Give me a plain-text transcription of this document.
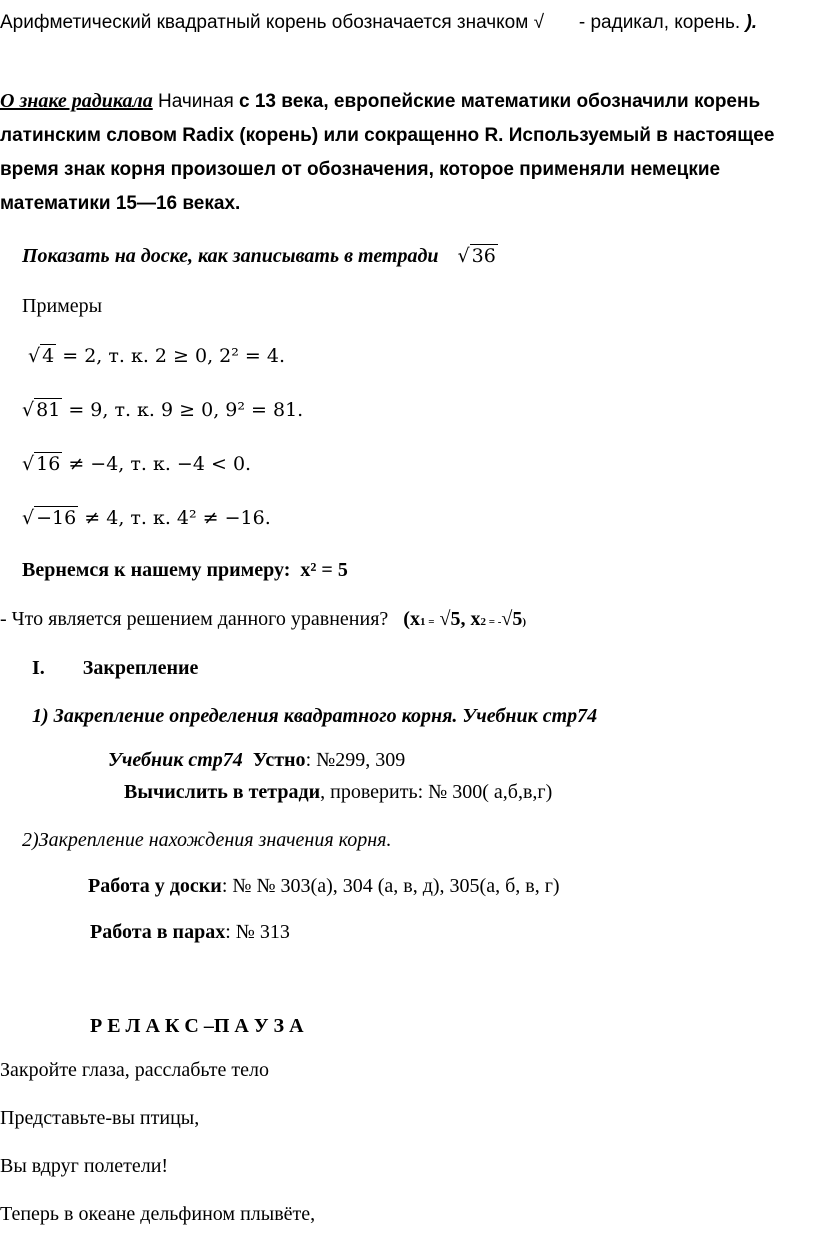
Арифметический квадратный корень обозначается значком √ - радикал, корень. ).
О знаке радикала Начиная с 13 века, европейские математики обозначили корень латинским словом Radix (корень) или сокращенно R. Используемый в настоящее время знак корня произошел от обозначения, которое применяли немецкие математики 15—16 веках.
Показать на доске, как записывать в тетради √ 36
Примеры
√ 4 = 2, т. к. 2 ≥ 0, 2² = 4.
√ 81 = 9, т. к. 9 ≥ 0, 9² = 81.
√ 16 ≠ −4, т. к. −4 < 0.
√ −16 ≠ 4, т. к. 4² ≠ −16.
Вернемся к нашему примеру: x² = 5
- Что является решением данного уравнения? (x1 = √5, x2 = -√5)
I. Закрепление
1) Закрепление определения квадратного корня. Учебник стр74
Учебник стр74 Устно: №299, 309
Вычислить в тетради, проверить: № 300( а,б,в,г)
2)Закрепление нахождения значения корня.
Работа у доски: № № 303(а), 304 (а, в, д), 305(а, б, в, г)
Работа в парах: № 313
Р Е Л А К С –П А У З А
Закройте глаза, расслабьте тело
Представьте-вы птицы,
Вы вдруг полетели!
Теперь в океане дельфином плывёте,
